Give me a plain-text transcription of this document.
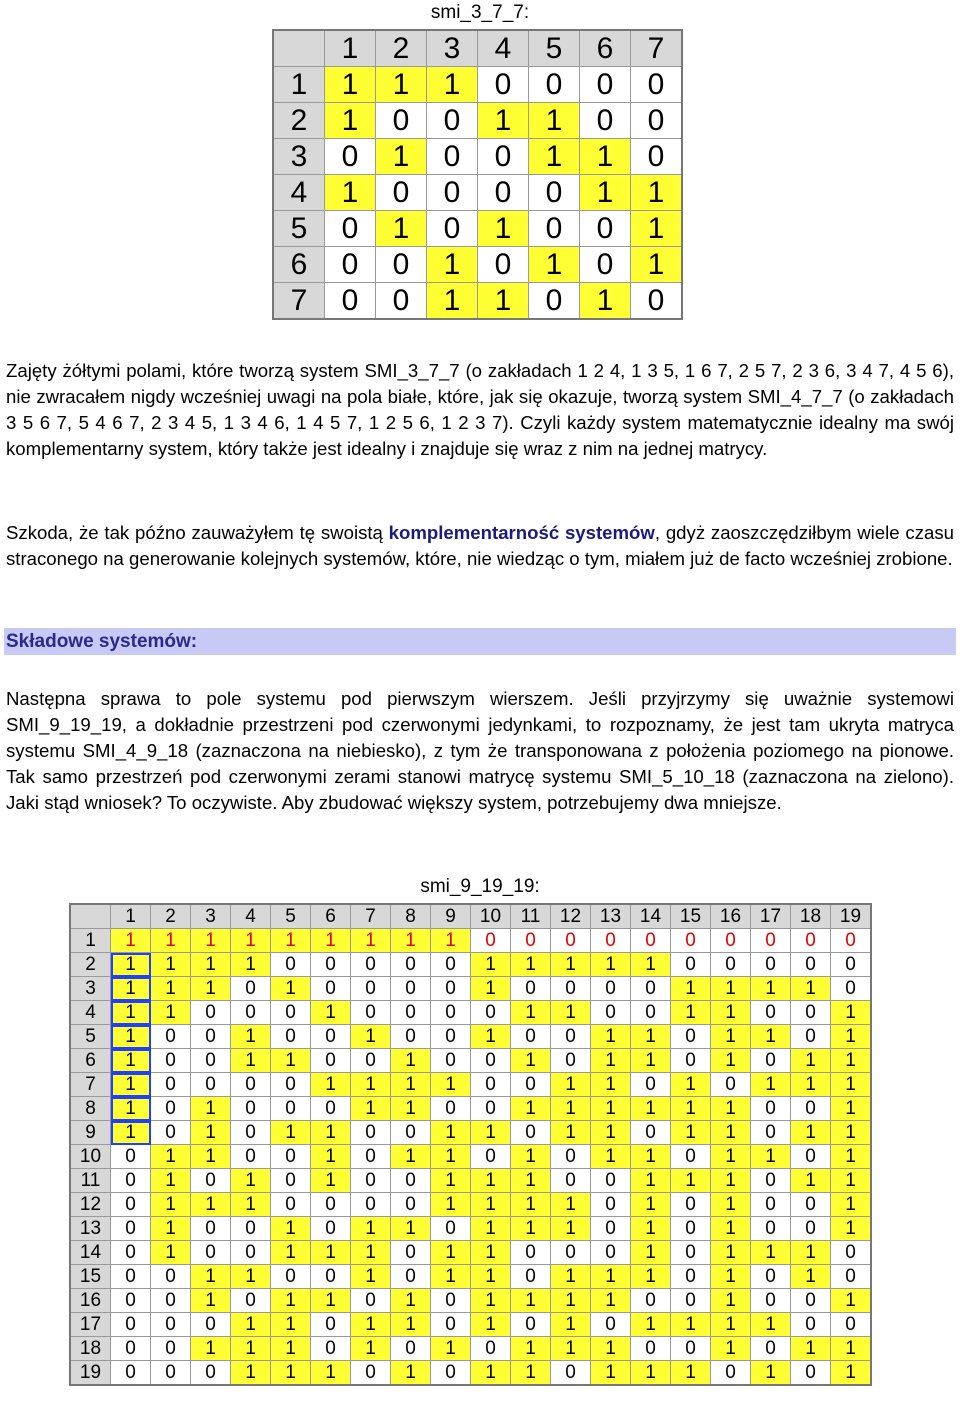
smi_3_7_7:
	1	2	3	4	5	6	7
1	1	1	1	0	0	0	0
2	1	0	0	1	1	0	0
3	0	1	0	0	1	1	0
4	1	0	0	0	0	1	1
5	0	1	0	1	0	0	1
6	0	0	1	0	1	0	1
7	0	0	1	1	0	1	0
Zajęty żółtymi polami, które tworzą system SMI_3_7_7 (o zakładach 1 2 4, 1 3 5, 1 6 7, 2 5 7, 2 3 6, 3 4 7, 4 5 6), nie zwracałem nigdy wcześniej uwagi na pola białe, które, jak się okazuje, tworzą system SMI_4_7_7 (o zakładach 3 5 6 7, 5 4 6 7, 2 3 4 5, 1 3 4 6, 1 4 5 7, 1 2 5 6, 1 2 3 7). Czyli każdy system matematycznie idealny ma swój komplementarny system, który także jest idealny i znajduje się wraz z nim na jednej matrycy.
Szkoda, że tak późno zauważyłem tę swoistą komplementarność systemów, gdyż zaoszczędziłbym wiele czasu straconego na generowanie kolejnych systemów, które, nie wiedząc o tym, miałem już de facto wcześniej zrobione.
Składowe systemów:
Następna sprawa to pole systemu pod pierwszym wierszem. Jeśli przyjrzymy się uważnie systemowi SMI_9_19_19, a dokładnie przestrzeni pod czerwonymi jedynkami, to rozpoznamy, że jest tam ukryta matryca systemu SMI_4_9_18 (zaznaczona na niebiesko), z tym że transponowana z położenia poziomego na pionowe. Tak samo przestrzeń pod czerwonymi zerami stanowi matrycę systemu SMI_5_10_18 (zaznaczona na zielono). Jaki stąd wniosek? To oczywiste. Aby zbudować większy system, potrzebujemy dwa mniejsze.
smi_9_19_19:
	1	2	3	4	5	6	7	8	9	10	11	12	13	14	15	16	17	18	19
1	1	1	1	1	1	1	1	1	1	0	0	0	0	0	0	0	0	0	0
2	1	1	1	1	0	0	0	0	0	1	1	1	1	1	0	0	0	0	0
3	1	1	1	0	1	0	0	0	0	1	0	0	0	0	1	1	1	1	0
4	1	1	0	0	0	1	0	0	0	0	1	1	0	0	1	1	0	0	1
5	1	0	0	1	0	0	1	0	0	1	0	0	1	1	0	1	1	0	1
6	1	0	0	1	1	0	0	1	0	0	1	0	1	1	0	1	0	1	1
7	1	0	0	0	0	1	1	1	1	0	0	1	1	0	1	0	1	1	1
8	1	0	1	0	0	0	1	1	0	0	1	1	1	1	1	1	0	0	1
9	1	0	1	0	1	1	0	0	1	1	0	1	1	0	1	1	0	1	1
10	0	1	1	0	0	1	0	1	1	0	1	0	1	1	0	1	1	0	1
11	0	1	0	1	0	1	0	0	1	1	1	0	0	1	1	1	0	1	1
12	0	1	1	1	0	0	0	0	1	1	1	1	0	1	0	1	0	0	1
13	0	1	0	0	1	0	1	1	0	1	1	1	0	1	0	1	0	0	1
14	0	1	0	0	1	1	1	0	1	1	0	0	0	1	0	1	1	1	0
15	0	0	1	1	0	0	1	0	1	1	0	1	1	1	0	1	0	1	0
16	0	0	1	0	1	1	0	1	0	1	1	1	1	0	0	1	0	0	1
17	0	0	0	1	1	0	1	1	0	1	0	1	0	1	1	1	1	0	0
18	0	0	1	1	1	0	1	0	1	0	1	1	1	0	0	1	0	1	1
19	0	0	0	1	1	1	0	1	0	1	1	0	1	1	1	0	1	0	1
